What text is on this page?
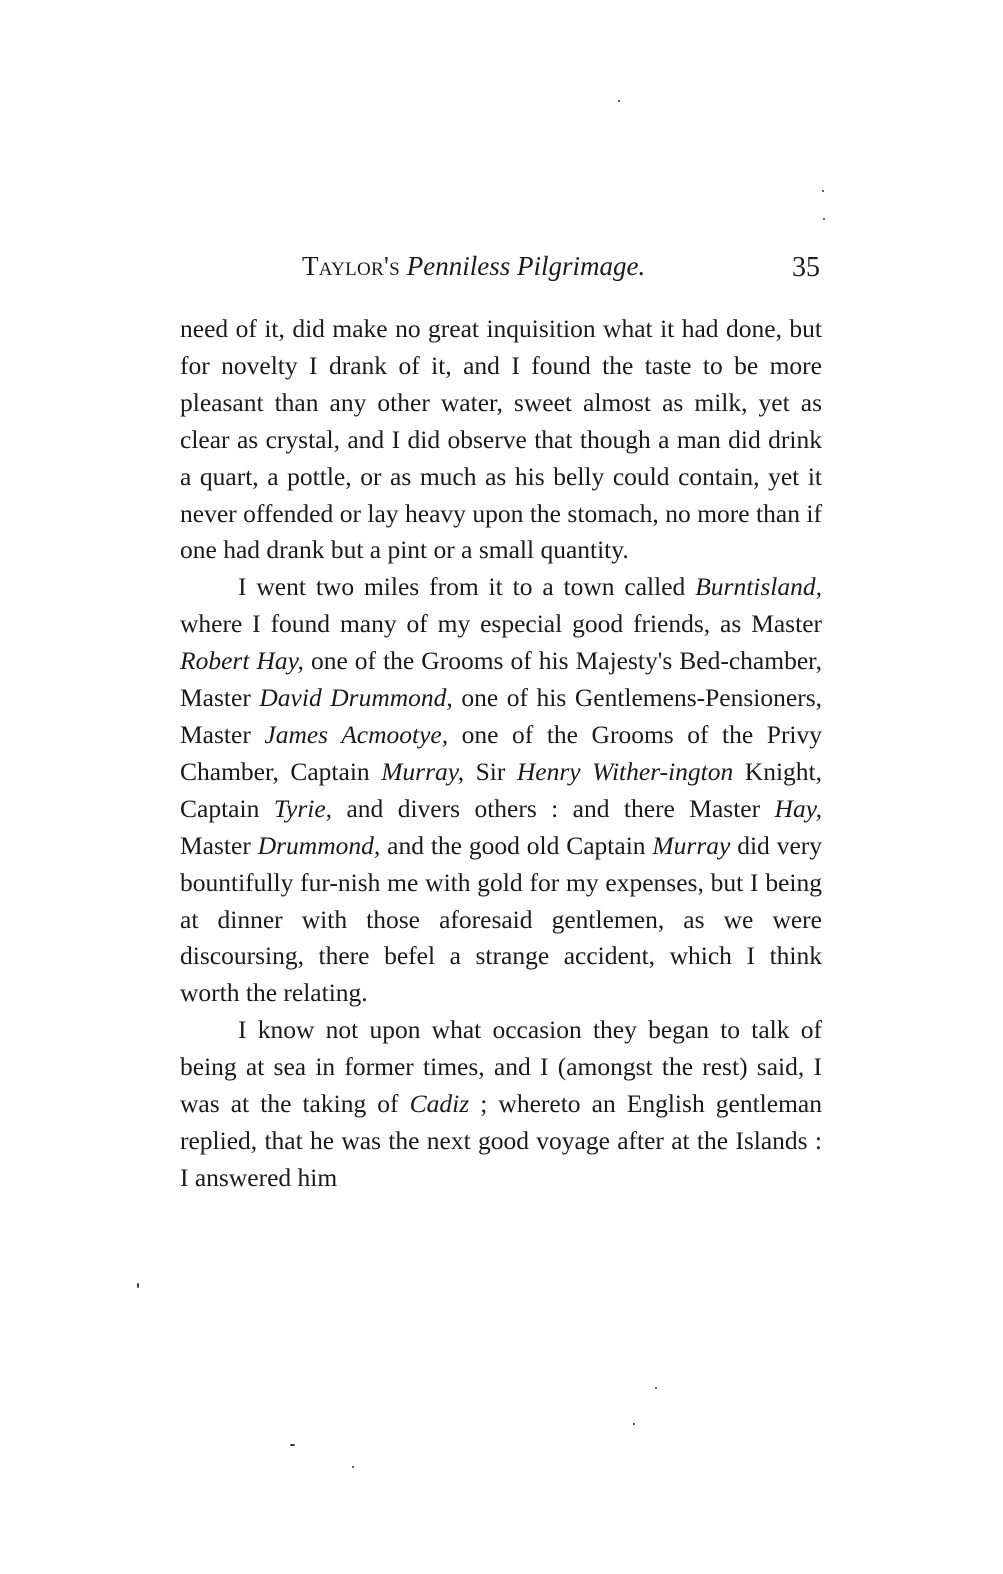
Taylor's Penniless Pilgrimage.	35

need of it, did make no great inquisition what it had done, but for novelty I drank of it, and I found the taste to be more pleasant than any other water, sweet almost as milk, yet as clear as crystal, and I did observe that though a man did drink a quart, a pottle, or as much as his belly could contain, yet it never offended or lay heavy upon the stomach, no more than if one had drank but a pint or a small quantity.

I went two miles from it to a town called Burntisland, where I found many of my especial good friends, as Master Robert Hay, one of the Grooms of his Majesty's Bed-chamber, Master David Drummond, one of his Gentlemens-Pensioners, Master James Acmootye, one of the Grooms of the Privy Chamber, Captain Murray, Sir Henry Wither-ington Knight, Captain Tyrie, and divers others : and there Master Hay, Master Drummond, and the good old Captain Murray did very bountifully fur-nish me with gold for my expenses, but I being at dinner with those aforesaid gentlemen, as we were discoursing, there befel a strange accident, which I think worth the relating.

I know not upon what occasion they began to talk of being at sea in former times, and I (amongst the rest) said, I was at the taking of Cadiz ; whereto an English gentleman replied, that he was the next good voyage after at the Islands : I answered him
